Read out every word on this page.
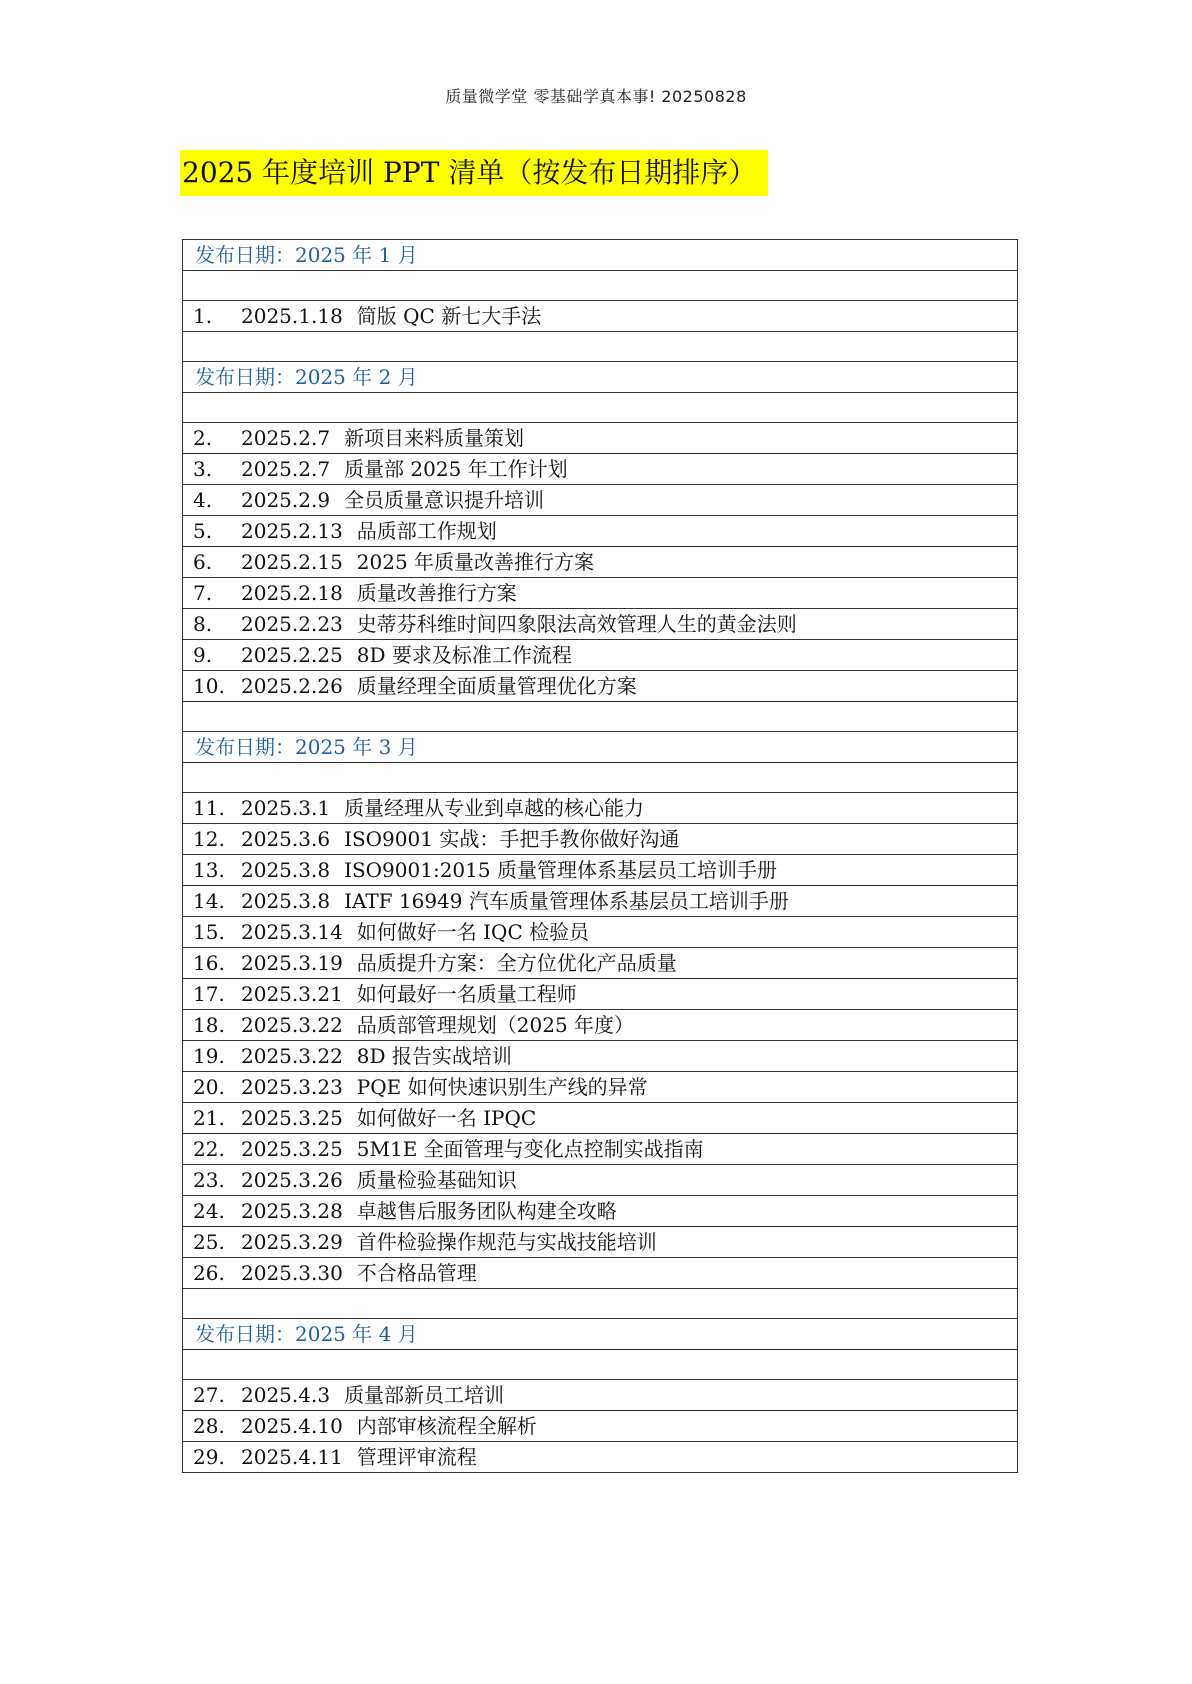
质量微学堂 零基础学真本事! 20250828
2025 年度培训 PPT 清单（按发布日期排序）
发布日期：2025 年 1 月

1. 2025.1.18 简版 QC 新七大手法

发布日期：2025 年 2 月

2. 2025.2.7 新项目来料质量策划
3. 2025.2.7 质量部 2025 年工作计划
4. 2025.2.9 全员质量意识提升培训
5. 2025.2.13 品质部工作规划
6. 2025.2.15 2025 年质量改善推行方案
7. 2025.2.18 质量改善推行方案
8. 2025.2.23 史蒂芬科维时间四象限法高效管理人生的黄金法则
9. 2025.2.25 8D 要求及标准工作流程
10. 2025.2.26 质量经理全面质量管理优化方案

发布日期：2025 年 3 月

11. 2025.3.1 质量经理从专业到卓越的核心能力
12. 2025.3.6 ISO9001 实战：手把手教你做好沟通
13. 2025.3.8 ISO9001:2015 质量管理体系基层员工培训手册
14. 2025.3.8 IATF 16949 汽车质量管理体系基层员工培训手册
15. 2025.3.14 如何做好一名 IQC 检验员
16. 2025.3.19 品质提升方案：全方位优化产品质量
17. 2025.3.21 如何最好一名质量工程师
18. 2025.3.22 品质部管理规划（2025 年度）
19. 2025.3.22 8D 报告实战培训
20. 2025.3.23 PQE 如何快速识别生产线的异常
21. 2025.3.25 如何做好一名 IPQC
22. 2025.3.25 5M1E 全面管理与变化点控制实战指南
23. 2025.3.26 质量检验基础知识
24. 2025.3.28 卓越售后服务团队构建全攻略
25. 2025.3.29 首件检验操作规范与实战技能培训
26. 2025.3.30 不合格品管理

发布日期：2025 年 4 月

27. 2025.4.3 质量部新员工培训
28. 2025.4.10 内部审核流程全解析
29. 2025.4.11 管理评审流程
